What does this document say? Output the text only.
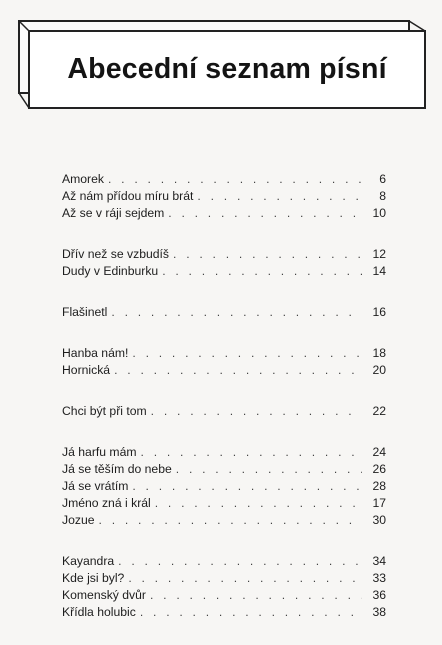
Abecední seznam písní
Amorek . . .	6
Až nám přídou míru brát . . .	8
Až se v ráji sejdem . . .	10
Dřív než se vzbudíš . . .	12
Dudy v Edinburku . . .	14
Flašinetl . . .	16
Hanba nám! . . .	18
Hornická . . .	20
Chci být při tom . . .	22
Já harfu mám . . .	24
Já se těším do nebe . . .	26
Já se vrátím . . .	28
Jméno zná i král . . .	17
Jozue . . .	30
Kayandra . . .	34
Kde jsi byl? . . .	33
Komenský dvůr . . .	36
Křídla holubic . . .	38
